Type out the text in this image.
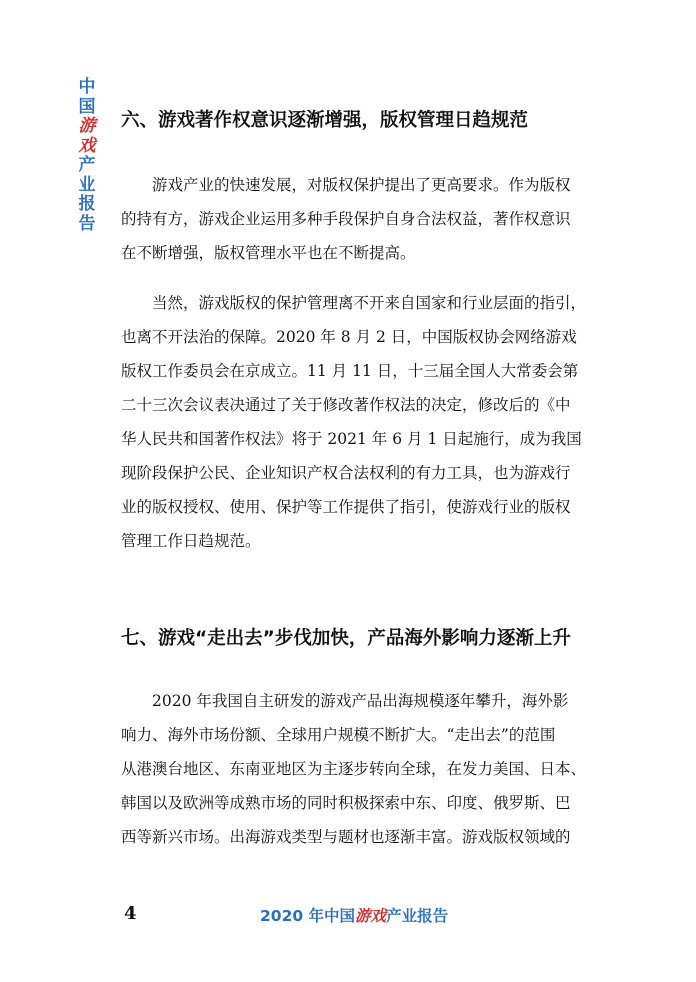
中
国
游
戏
产
业
报
告
六、游戏著作权意识逐渐增强，版权管理日趋规范

游戏产业的快速发展，对版权保护提出了更高要求。作为版权
的持有方，游戏企业运用多种手段保护自身合法权益，著作权意识
在不断增强，版权管理水平也在不断提高。

当然，游戏版权的保护管理离不开来自国家和行业层面的指引，
也离不开法治的保障。2020 年 8 月 2 日，中国版权协会网络游戏
版权工作委员会在京成立。11 月 11 日，十三届全国人大常委会第
二十三次会议表决通过了关于修改著作权法的决定，修改后的《中
华人民共和国著作权法》将于 2021 年 6 月 1 日起施行，成为我国
现阶段保护公民、企业知识产权合法权利的有力工具，也为游戏行
业的版权授权、使用、保护等工作提供了指引，使游戏行业的版权
管理工作日趋规范。

七、游戏“走出去”步伐加快，产品海外影响力逐渐上升

2020 年我国自主研发的游戏产品出海规模逐年攀升，海外影
响力、海外市场份额、全球用户规模不断扩大。“走出去”的范围
从港澳台地区、东南亚地区为主逐步转向全球，在发力美国、日本、
韩国以及欧洲等成熟市场的同时积极探索中东、印度、俄罗斯、巴
西等新兴市场。出海游戏类型与题材也逐渐丰富。游戏版权领域的

4	2020 年中国游戏产业报告
